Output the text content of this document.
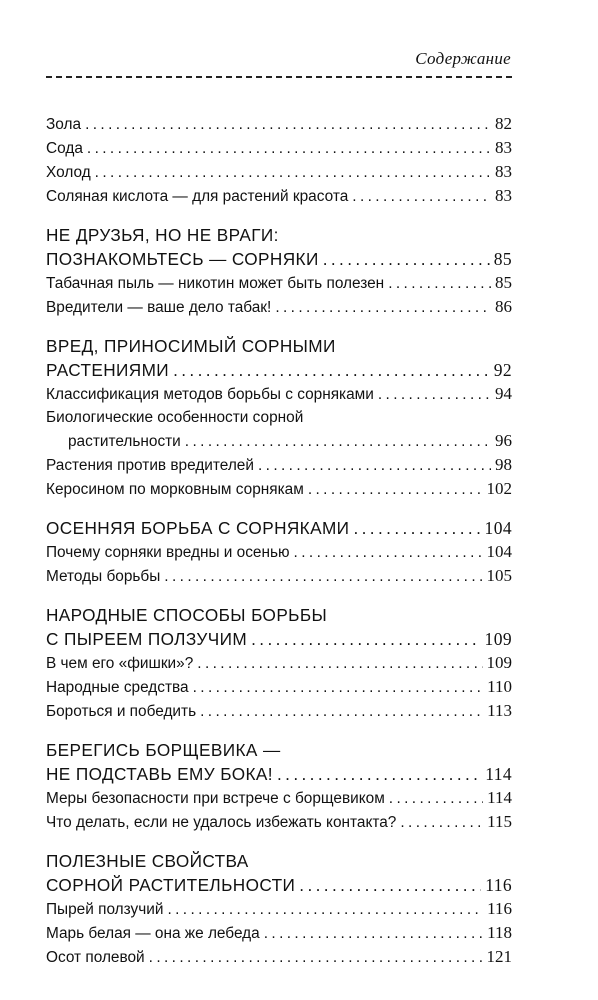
Содержание
Зола .....	82
Сода .....	83
Холод .....	83
Соляная кислота — для растений красота .....	83
НЕ ДРУЗЬЯ, НО НЕ ВРАГИ:
ПОЗНАКОМЬТЕСЬ — СОРНЯКИ .....	85
Табачная пыль — никотин может быть полезен .....	85
Вредители — ваше дело табак! .....	86
ВРЕД, ПРИНОСИМЫЙ СОРНЫМИ
РАСТЕНИЯМИ .....	92
Классификация методов борьбы с сорняками .....	94
Биологические особенности сорной
растительности .....	96
Растения против вредителей .....	98
Керосином по морковным сорнякам .....	102
ОСЕННЯЯ БОРЬБА С СОРНЯКАМИ .....	104
Почему сорняки вредны и осенью .....	104
Методы борьбы .....	105
НАРОДНЫЕ СПОСОБЫ БОРЬБЫ
С ПЫРЕЕМ ПОЛЗУЧИМ .....	109
В чем его «фишки»? .....	109
Народные средства .....	110
Бороться и победить .....	113
БЕРЕГИСЬ БОРЩЕВИКА —
НЕ ПОДСТАВЬ ЕМУ БОКА! .....	114
Меры безопасности при встрече с борщевиком .....	114
Что делать, если не удалось избежать контакта? .....	115
ПОЛЕЗНЫЕ СВОЙСТВА
СОРНОЙ РАСТИТЕЛЬНОСТИ .....	116
Пырей ползучий .....	116
Марь белая — она же лебеда .....	118
Осот полевой .....	121
